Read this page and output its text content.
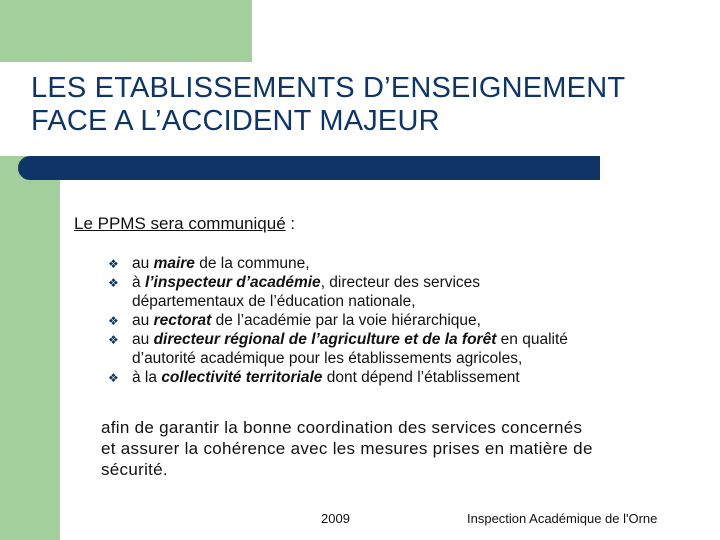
LES ETABLISSEMENTS D’ENSEIGNEMENT
FACE A L’ACCIDENT MAJEUR
Le PPMS sera communiqué :
❖ au maire de la commune,
❖ à l’inspecteur d’académie, directeur des services
départementaux de l’éducation nationale,
❖ au rectorat de l’académie par la voie hiérarchique,
❖ au directeur régional de l’agriculture et de la forêt en qualité
d’autorité académique pour les établissements agricoles,
❖ à la collectivité territoriale dont dépend l’établissement
afin de garantir la bonne coordination des services concernés
et assurer la cohérence avec les mesures prises en matière de
sécurité.
2009	Inspection Académique de l'Orne
